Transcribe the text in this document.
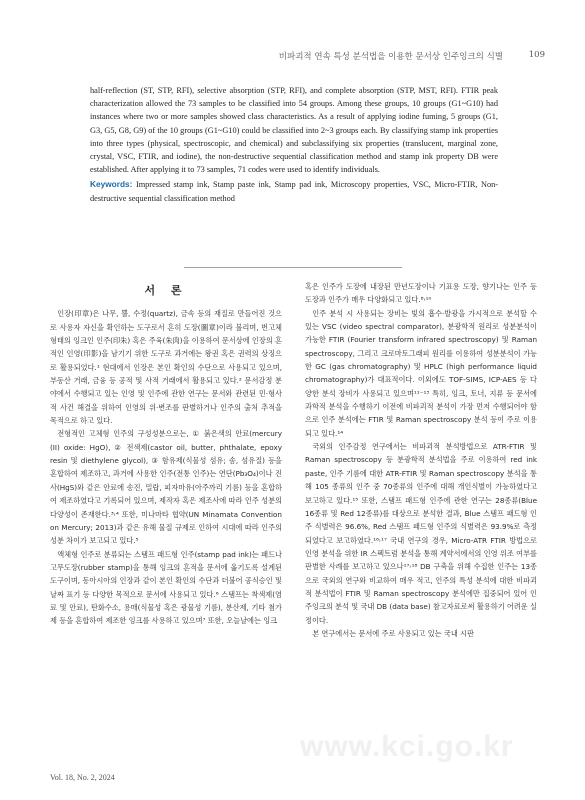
비파괴적 연속 특성 분석법을 이용한 문서상 인주잉크의 식별	109

half-reflection (ST, STP, RFI), selective absorption (STP, RFI), and complete absorption (STP, MST, RFI). FTIR peak characterization allowed the 73 samples to be classified into 54 groups. Among these groups, 10 groups (G1~G10) had instances where two or more samples showed class characteristics. As a result of applying iodine fuming, 5 groups (G1, G3, G5, G8, G9) of the 10 groups (G1~G10) could be classified into 2~3 groups each. By classifying stamp ink properties into three types (physical, spectroscopic, and chemical) and subclassifying six properties (translucent, marginal zone, crystal, VSC, FTIR, and iodine), the non-destructive sequential classification method and stamp ink property DB were established. After applying it to 73 samples, 71 codes were used to identify individuals.

Keywords: Impressed stamp ink, Stamp paste ink, Stamp pad ink, Microscopy properties, VSC, Micro-FTIR, Non-destructive sequential classification method

서 론

인장(印章)은 나무, 뿔, 수정(quartz), 금속 등의 재질로 만들어진 것으로 사용자 자신을 확인하는 도구로서 흔히 도장(圖章)이라 불리며, 번고체 형태의 잉크인 인주(印朱) 혹은 주육(朱肉)을 이용하여 문서상에 인장의 흔적인 인영(印影)을 남기기 위한 도구로 과거에는 왕권 혹은 권력의 상징으로 활용되었다.¹ 현대에서 인장은 본인 확인의 수단으로 사용되고 있으며, 부동산 거래, 금융 등 공적 및 사적 거래에서 활용되고 있다.² 문서감정 분야에서 수행되고 있는 인영 및 인주에 관한 연구는 문서와 관련된 민·형사적 사건 해결을 위하여 인영의 위·변조를 판별하거나 인주의 출처 추적을 목적으로 하고 있다.

전형적인 고체형 인주의 구성성분으로는, ① 붉은색의 안료(mercury (II) oxide: HgO), ② 전색제(castor oil, butter, phthalate, epoxy resin 및 diethylene glycol), ③ 함유제(식물성 섬유; 솜, 섬유질) 등을 혼합하여 제조하고, 과거에 사용한 인주(전통 인주)는 연단(Pb₃O₄)이나 진사(HgS)와 같은 안료에 송진, 밀랍, 피자마유(아주까리 기름) 등을 혼합하여 제조하였다고 기록되어 있으며, 제작자 혹은 제조사에 따라 인주 성분의 다양성이 존재한다.³˒⁴ 또한, 미나마타 협약(UN Minamata Convention on Mercury; 2013)과 같은 유해 물질 규제로 인하여 시대에 따라 인주의 성분 차이가 보고되고 있다.⁵

액체형 인주로 분류되는 스탬프 패드형 인주(stamp pad ink)는 패드나 고무도장(rubber stamp)을 통해 잉크의 흔적을 문서에 옮기도록 설계된 도구이며, 동아시아의 인장과 같이 본인 확인의 수단과 더불어 공식승인 및 날짜 표기 등 다양한 목적으로 문서에 사용되고 있다.⁶ 스탬프는 착색제(염료 및 안료), 탄화수소, 용매(식물성 혹은 광물성 기름), 분산제, 기타 첨가제 등을 혼합하여 제조한 잉크를 사용하고 있으며⁷ 또한, 오늘날에는 잉크

혹은 인주가 도장에 내장된 만년도장이나 기표용 도장, 향기나는 인주 등 도장과 인주가 매우 다양화되고 있다.⁸˒¹⁰

인주 분석 시 사용되는 장비는 빛의 흡수·발광을 가시적으로 분석할 수 있는 VSC (video spectral comparator), 분광학적 원리로 성분분석이 가능한 FTIR (Fourier transform infrared spectroscopy) 및 Raman spectroscopy, 그리고 크로마토그래피 원리를 이용하여 성분분석이 가능한 GC (gas chromatography) 및 HPLC (high performance liquid chromatography)가 대표적이다. 이외에도 TOF-SIMS, ICP-AES 등 다양한 분석 장비가 사용되고 있으며¹¹⁻¹³ 특히, 잉크, 토너, 지류 등 문서에 과학적 분석을 수행하기 이전에 비파괴적 분석이 가장 먼저 수행되어야 함으로 인주 분석에는 FTIR 및 Raman spectroscopy 분석 등이 주로 이용되고 있다.¹⁴

국외의 인주감정 연구에서는 비파괴적 분석방법으로 ATR-FTIR 및 Raman spectroscopy 등 분광학적 분석법을 주로 이용하여 red ink paste, 인주 기름에 대한 ATR-FTIR 및 Raman spectroscopy 분석을 통해 105 종류의 인주 중 70종류의 인주에 대해 개인식별이 가능하였다고 보고하고 있다.¹⁵ 또한, 스탬프 패드형 인주에 관한 연구는 28종류(Blue 16종류 및 Red 12종류)를 대상으로 분석한 결과, Blue 스탬프 패드형 인주 식별력은 96.6%, Red 스탬프 패드형 인주의 식별력은 93.9%로 측정되었다고 보고하였다.¹⁶˒¹⁷ 국내 연구의 경우, Micro-ATR FTIR 방법으로 인영 분석을 위한 IR 스펙트럼 분석을 통해 계약서에서의 인영 위조 여부를 판별한 사례를 보고하고 있으나¹⁷˒¹⁸ DB 구축을 위해 수집한 인주는 13종으로 국외의 연구와 비교하여 매우 적고, 인주의 특성 분석에 대한 비파괴적 분석법이 FTIR 및 Raman spectroscopy 분석에만 집중되어 있어 인주잉크의 분석 및 국내 DB (data base) 참고자료로써 활용하기 어려운 실정이다.

본 연구에서는 문서에 주로 사용되고 있는 국내 시판

www.kci.go.kr
Vol. 18, No. 2, 2024
